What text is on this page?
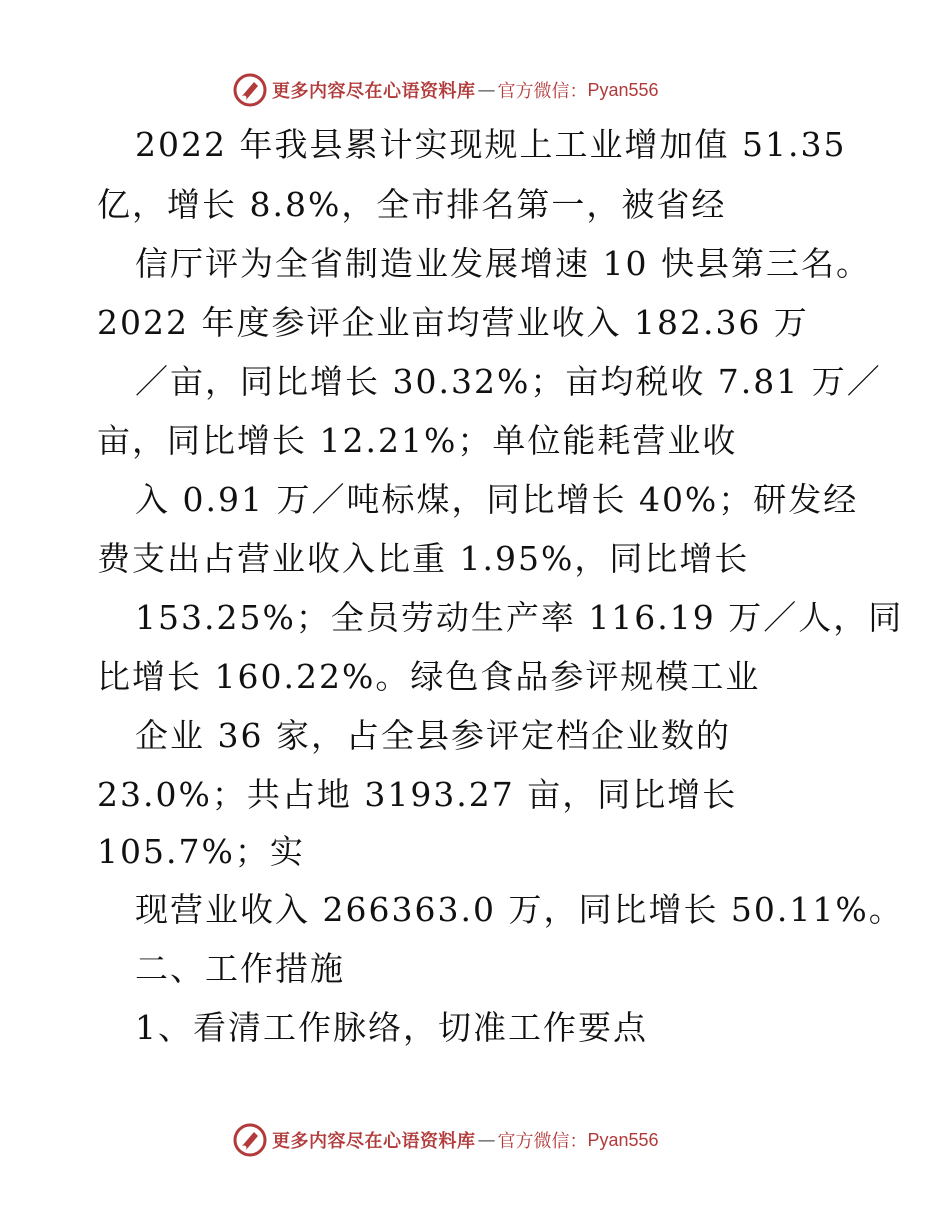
更多内容尽在心语资料库 — 官方微信： Pyan556
2022 年我县累计实现规上工业增加值 51.35
亿，增长 8.8%，全市排名第一，被省经
信厅评为全省制造业发展增速 10 快县第三名。
2022 年度参评企业亩均营业收入 182.36 万
／亩，同比增长 30.32%；亩均税收 7.81 万／
亩，同比增长 12.21%；单位能耗营业收
入 0.91 万／吨标煤，同比增长 40%；研发经
费支出占营业收入比重 1.95%，同比增长
153.25%；全员劳动生产率 116.19 万／人，同
比增长 160.22%。绿色食品参评规模工业
企业 36 家，占全县参评定档企业数的
23.0%；共占地 3193.27 亩，同比增长
105.7%；实
现营业收入 266363.0 万，同比增长 50.11%。
二、工作措施
1、看清工作脉络，切准工作要点
更多内容尽在心语资料库 — 官方微信： Pyan556
